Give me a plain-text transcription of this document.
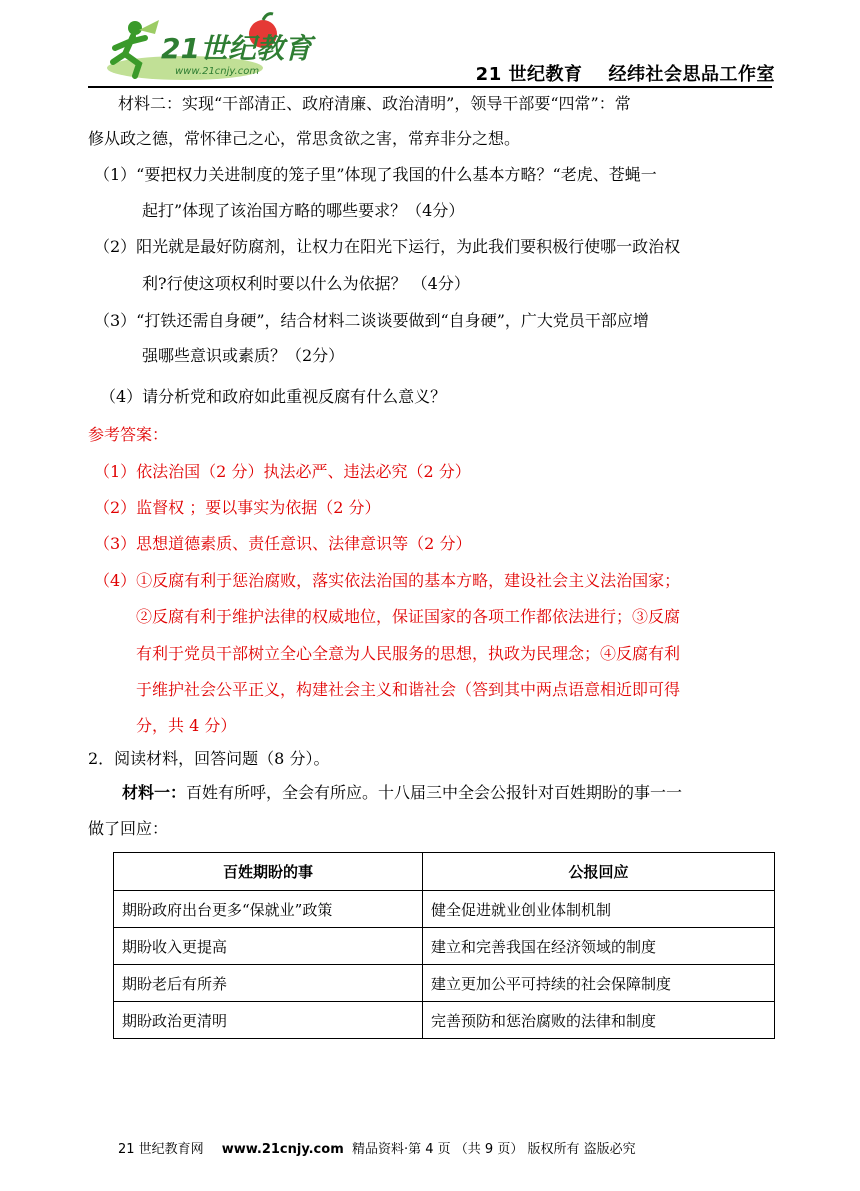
21世纪教育
www.21cnjy.com	21 世纪教育 经纬社会思品工作室
材料二：实现“干部清正、政府清廉、政治清明”，领导干部要“四常”：常
修从政之德，常怀律己之心，常思贪欲之害，常弃非分之想。
（1）“要把权力关进制度的笼子里”体现了我国的什么基本方略？“老虎、苍蝇一
起打”体现了该治国方略的哪些要求？（4分）
（2）阳光就是最好防腐剂，让权力在阳光下运行，为此我们要积极行使哪一政治权
利?行使这项权利时要以什么为依据？ （4分）
（3）“打铁还需自身硬”，结合材料二谈谈要做到“自身硬”，广大党员干部应增
强哪些意识或素质？（2分）
（4）请分析党和政府如此重视反腐有什么意义？
参考答案：
（1）依法治国（2 分）执法必严、违法必究（2 分）
（2）监督权 ；要以事实为依据（2 分）
（3）思想道德素质、责任意识、法律意识等（2 分）
（4）①反腐有利于惩治腐败，落实依法治国的基本方略，建设社会主义法治国家；
②反腐有利于维护法律的权威地位，保证国家的各项工作都依法进行；③反腐
有利于党员干部树立全心全意为人民服务的思想，执政为民理念；④反腐有利
于维护社会公平正义，构建社会主义和谐社会（答到其中两点语意相近即可得
分，共 4 分）
2．阅读材料，回答问题（8 分）。
材料一：百姓有所呼，全会有所应。十八届三中全会公报针对百姓期盼的事一一
做了回应：
百姓期盼的事	公报回应
期盼政府出台更多“保就业”政策	健全促进就业创业体制机制
期盼收入更提高	建立和完善我国在经济领域的制度
期盼老后有所养	建立更加公平可持续的社会保障制度
期盼政治更清明	完善预防和惩治腐败的法律和制度
21 世纪教育网 www.21cnjy.com 精品资料·第 4 页 （共 9 页） 版权所有 盗版必究
